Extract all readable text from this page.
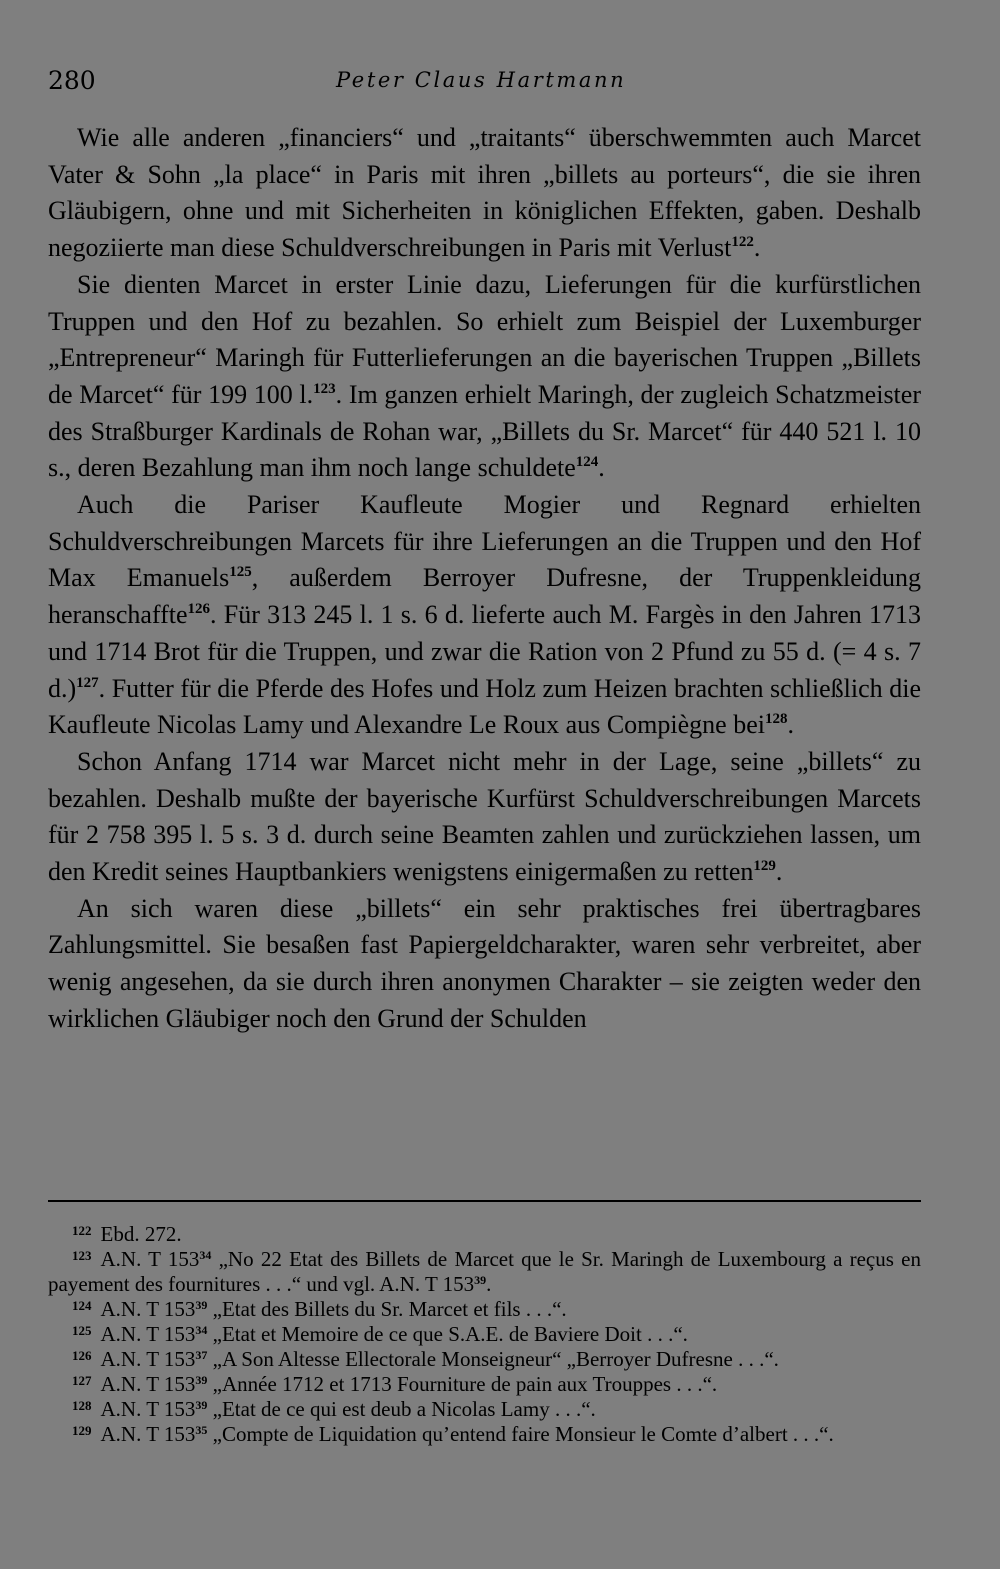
280	Peter Claus Hartmann

Wie alle anderen „financiers“ und „traitants“ überschwemmten auch Marcet Vater & Sohn „la place“ in Paris mit ihren „billets au porteurs“, die sie ihren Gläubigern, ohne und mit Sicherheiten in königlichen Effekten, gaben. Deshalb negoziierte man diese Schuldverschreibungen in Paris mit Verlust$^{122}$.

Sie dienten Marcet in erster Linie dazu, Lieferungen für die kurfürstlichen Truppen und den Hof zu bezahlen. So erhielt zum Beispiel der Luxemburger „Entrepreneur“ Maringh für Futterlieferungen an die bayerischen Truppen „Billets de Marcet“ für 199 100 l.$^{123}$. Im ganzen erhielt Maringh, der zugleich Schatzmeister des Straßburger Kardinals de Rohan war, „Billets du Sr. Marcet“ für 440 521 l. 10 s., deren Bezahlung man ihm noch lange schuldete$^{124}$.

Auch die Pariser Kaufleute Mogier und Regnard erhielten Schuldverschreibungen Marcets für ihre Lieferungen an die Truppen und den Hof Max Emanuels$^{125}$, außerdem Berroyer Dufresne, der Truppenkleidung heranschaffte$^{126}$. Für 313 245 l. 1 s. 6 d. lieferte auch M. Fargès in den Jahren 1713 und 1714 Brot für die Truppen, und zwar die Ration von 2 Pfund zu 55 d. (= 4 s. 7 d.)$^{127}$. Futter für die Pferde des Hofes und Holz zum Heizen brachten schließlich die Kaufleute Nicolas Lamy und Alexandre Le Roux aus Compiègne bei$^{128}$.

Schon Anfang 1714 war Marcet nicht mehr in der Lage, seine „billets“ zu bezahlen. Deshalb mußte der bayerische Kurfürst Schuldverschreibungen Marcets für 2 758 395 l. 5 s. 3 d. durch seine Beamten zahlen und zurückziehen lassen, um den Kredit seines Hauptbankiers wenigstens einigermaßen zu retten$^{129}$.

An sich waren diese „billets“ ein sehr praktisches frei übertragbares Zahlungsmittel. Sie besaßen fast Papiergeldcharakter, waren sehr verbreitet, aber wenig angesehen, da sie durch ihren anonymen Charakter – sie zeigten weder den wirklichen Gläubiger noch den Grund der Schulden

$^{122}$ Ebd. 272.

$^{123}$ A.N. T $153^{34}$ „No 22 Etat des Billets de Marcet que le Sr. Maringh de Luxembourg a reçus en payement des fournitures . . .“ und vgl. A.N. T $153^{39}$.

$^{124}$ A.N. T $153^{39}$ „Etat des Billets du Sr. Marcet et fils . . .“.

$^{125}$ A.N. T $153^{34}$ „Etat et Memoire de ce que S.A.E. de Baviere Doit . . .“.

$^{126}$ A.N. T $153^{37}$ „A Son Altesse Ellectorale Monseigneur“ „Berroyer Dufresne . . .“.

$^{127}$ A.N. T $153^{39}$ „Année 1712 et 1713 Fourniture de pain aux Trouppes . . .“.

$^{128}$ A.N. T $153^{39}$ „Etat de ce qui est deub a Nicolas Lamy . . .“.

$^{129}$ A.N. T $153^{35}$ „Compte de Liquidation qu’entend faire Monsieur le Comte d’albert . . .“.
